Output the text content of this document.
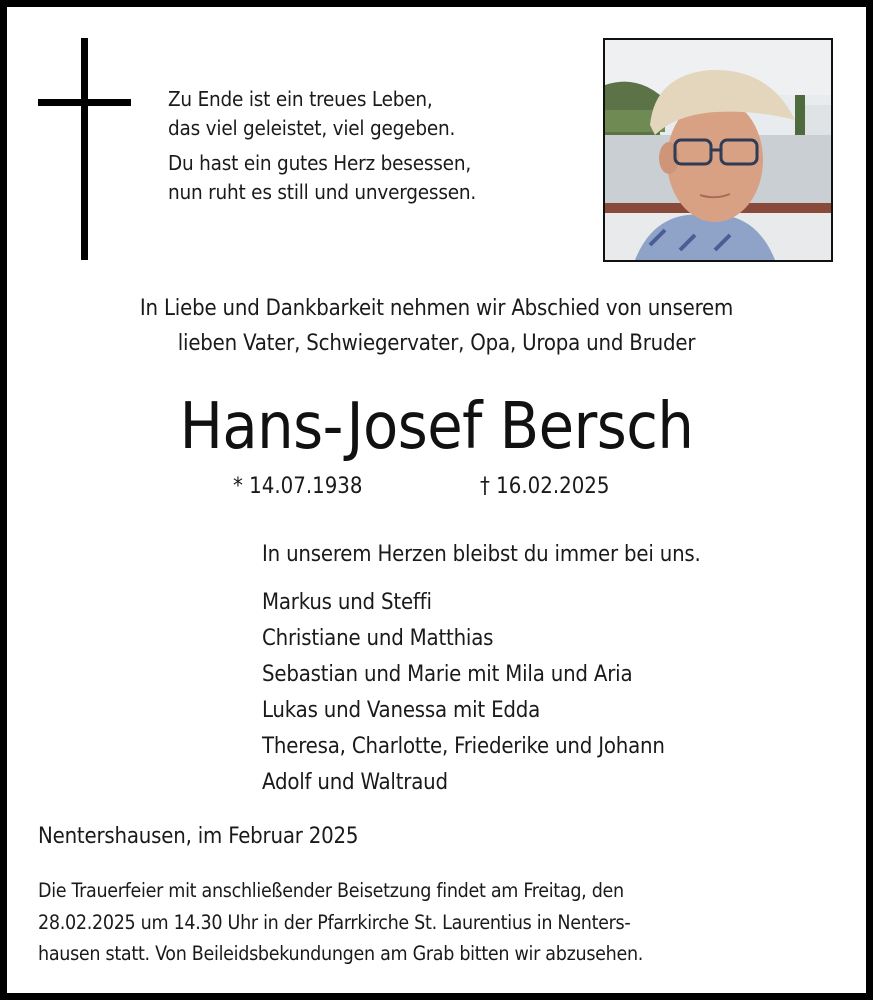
Zu Ende ist ein treues Leben,
das viel geleistet, viel gegeben.
Du hast ein gutes Herz besessen,
nun ruht es still und unvergessen.
In Liebe und Dankbarkeit nehmen wir Abschied von unserem
lieben Vater, Schwiegervater, Opa, Uropa und Bruder
Hans-Josef Bersch
* 14.07.1938	† 16.02.2025
In unserem Herzen bleibst du immer bei uns.
Markus und Steffi
Christiane und Matthias
Sebastian und Marie mit Mila und Aria
Lukas und Vanessa mit Edda
Theresa, Charlotte, Friederike und Johann
Adolf und Waltraud
Nentershausen, im Februar 2025
Die Trauerfeier mit anschließender Beisetzung findet am Freitag, den
28.02.2025 um 14.30 Uhr in der Pfarrkirche St. Laurentius in Nenters-
hausen statt. Von Beileidsbekundungen am Grab bitten wir abzusehen.
